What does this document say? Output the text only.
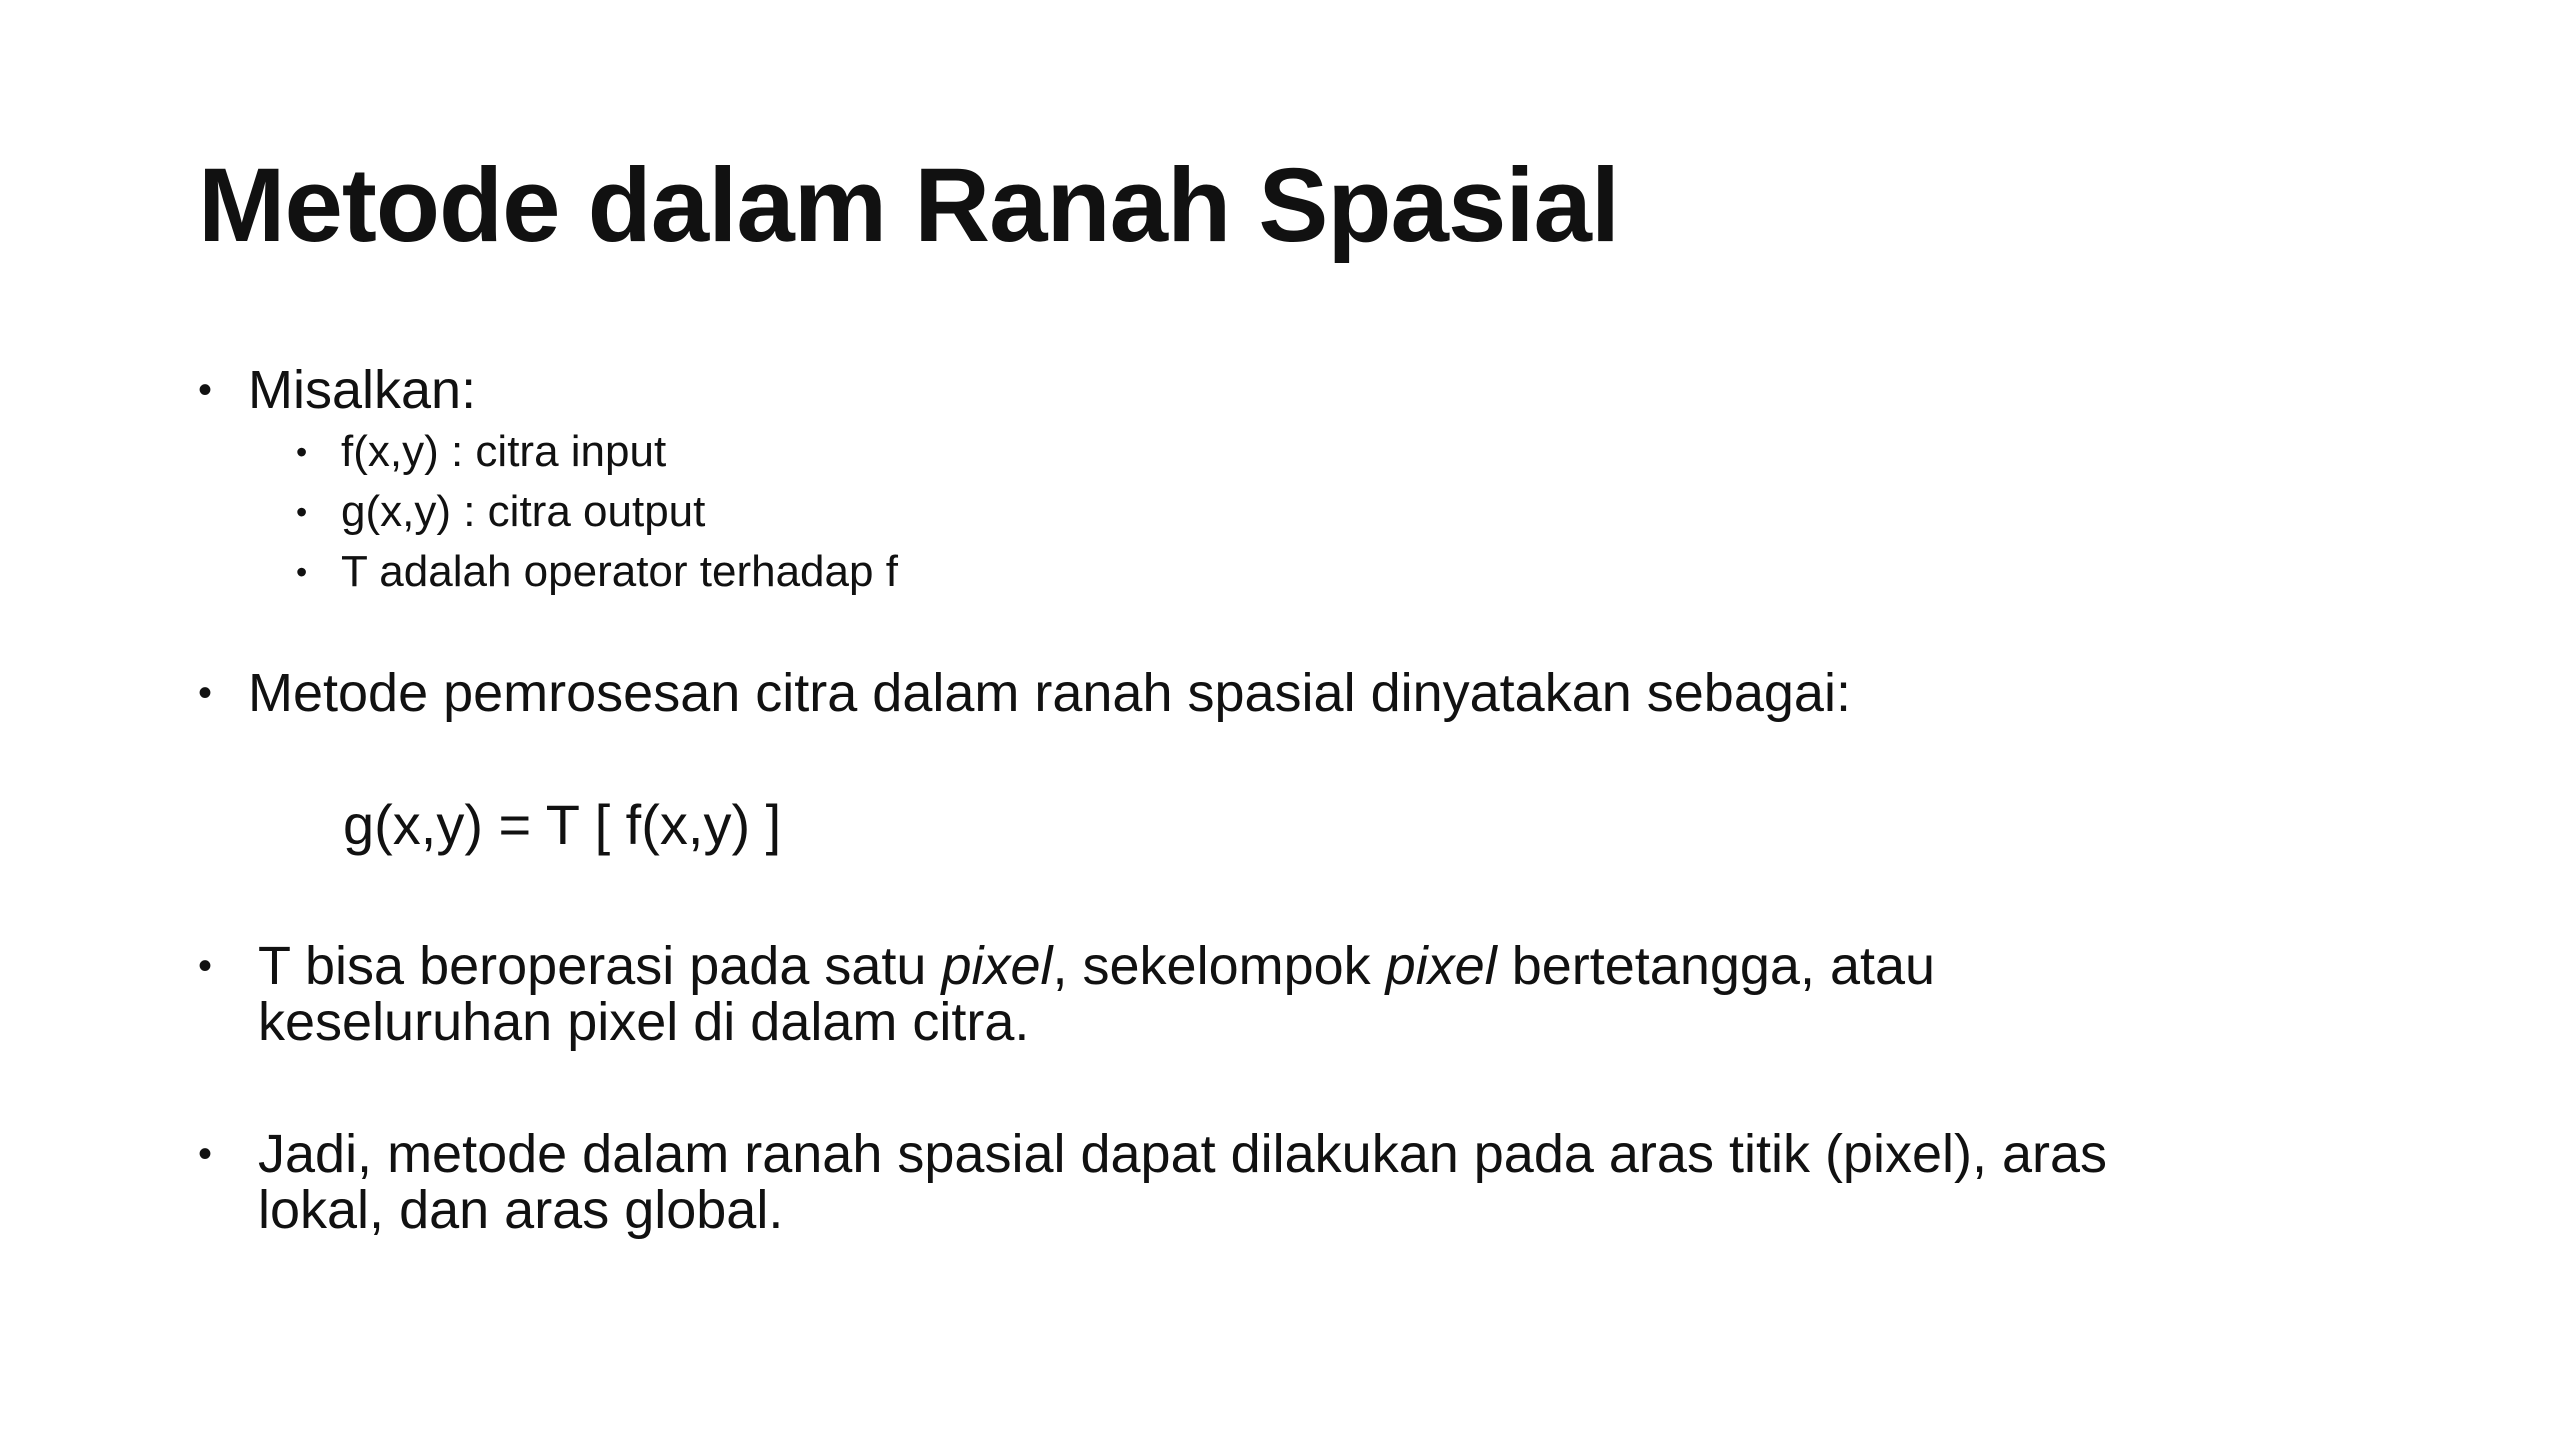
Metode dalam Ranah Spasial
• Misalkan:
• f(x,y) : citra input
• g(x,y) : citra output
• T adalah operator terhadap f
• Metode pemrosesan citra dalam ranah spasial dinyatakan sebagai:
g(x,y) = T [ f(x,y) ]
• T bisa beroperasi pada satu pixel, sekelompok pixel bertetangga, atau
keseluruhan pixel di dalam citra.
• Jadi, metode dalam ranah spasial dapat dilakukan pada aras titik (pixel), aras
lokal, dan aras global.
